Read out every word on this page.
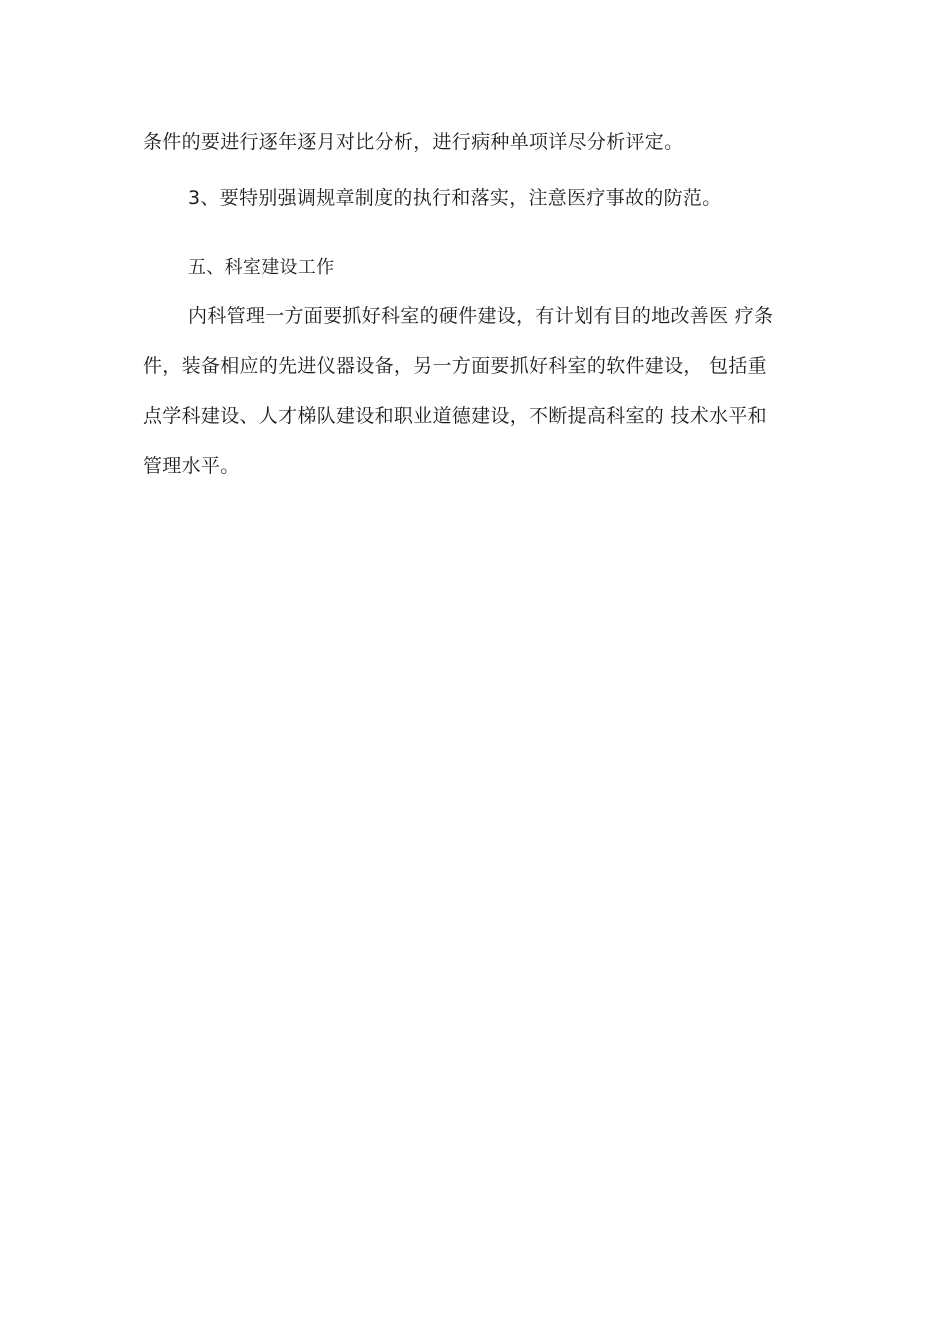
条件的要进行逐年逐月对比分析，进行病种单项详尽分析评定。
3、要特别强调规章制度的执行和落实，注意医疗事故的防范。
五、科室建设工作
内科管理一方面要抓好科室的硬件建设，有计划有目的地改善医 疗条
件，装备相应的先进仪器设备，另一方面要抓好科室的软件建设， 包括重
点学科建设、人才梯队建设和职业道德建设，不断提高科室的 技术水平和
管理水平。
